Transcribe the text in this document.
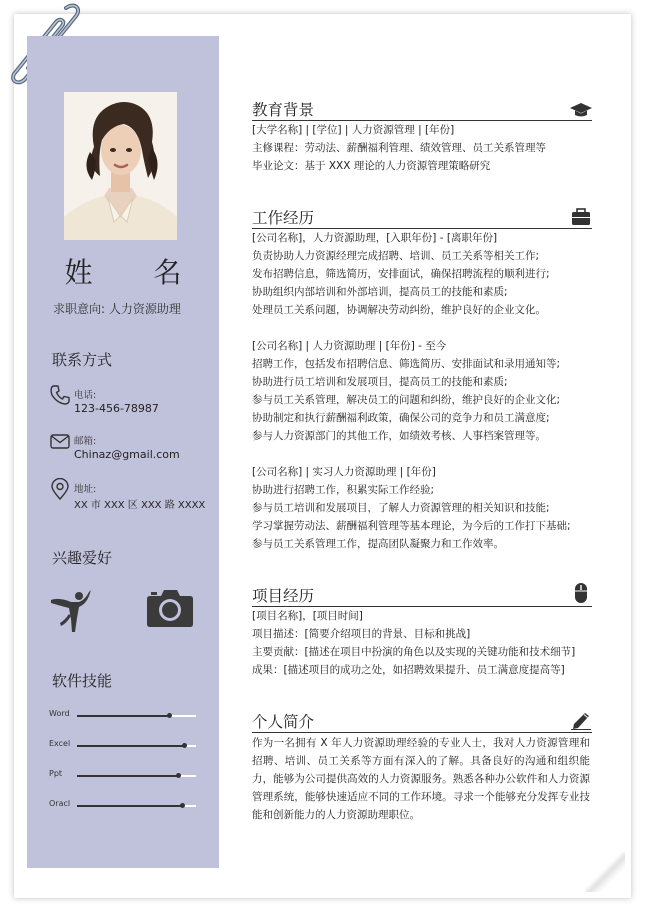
姓 名
求职意向: 人力资源助理
联系方式
电话:
123-456-78987
邮箱:
Chinaz@gmail.com
地址:
XX 市 XXX 区 XXX 路 XXXX
兴趣爱好
软件技能
Word
Excel
Ppt
Oracl
教育背景
[大学名称] | [学位] | 人力资源管理 | [年份]
主修课程：劳动法、薪酬福利管理、绩效管理、员工关系管理等
毕业论文：基于 XXX 理论的人力资源管理策略研究
工作经历
[公司名称]，人力资源助理，[入职年份] - [离职年份]
负责协助人力资源经理完成招聘、培训、员工关系等相关工作;
发布招聘信息，筛选简历，安排面试，确保招聘流程的顺利进行;
协助组织内部培训和外部培训，提高员工的技能和素质;
处理员工关系问题，协调解决劳动纠纷，维护良好的企业文化。
[公司名称] | 人力资源助理 | [年份] - 至今
招聘工作，包括发布招聘信息、筛选简历、安排面试和录用通知等;
协助进行员工培训和发展项目，提高员工的技能和素质;
参与员工关系管理，解决员工的问题和纠纷，维护良好的企业文化;
协助制定和执行薪酬福利政策，确保公司的竞争力和员工满意度;
参与人力资源部门的其他工作，如绩效考核、人事档案管理等。
[公司名称] | 实习人力资源助理 | [年份]
协助进行招聘工作，积累实际工作经验;
参与员工培训和发展项目，了解人力资源管理的相关知识和技能;
学习掌握劳动法、薪酬福利管理等基本理论，为今后的工作打下基础;
参与员工关系管理工作，提高团队凝聚力和工作效率。
项目经历
[项目名称]，[项目时间]
项目描述：[简要介绍项目的背景、目标和挑战]
主要贡献：[描述在项目中扮演的角色以及实现的关键功能和技术细节]
成果：[描述项目的成功之处，如招聘效果提升、员工满意度提高等]
个人简介
作为一名拥有 X 年人力资源助理经验的专业人士，我对人力资源管理和招聘、培训、员工关系等方面有深入的了解。具备良好的沟通和组织能力，能够为公司提供高效的人力资源服务。熟悉各种办公软件和人力资源管理系统，能够快速适应不同的工作环境。寻求一个能够充分发挥专业技能和创新能力的人力资源助理职位。
